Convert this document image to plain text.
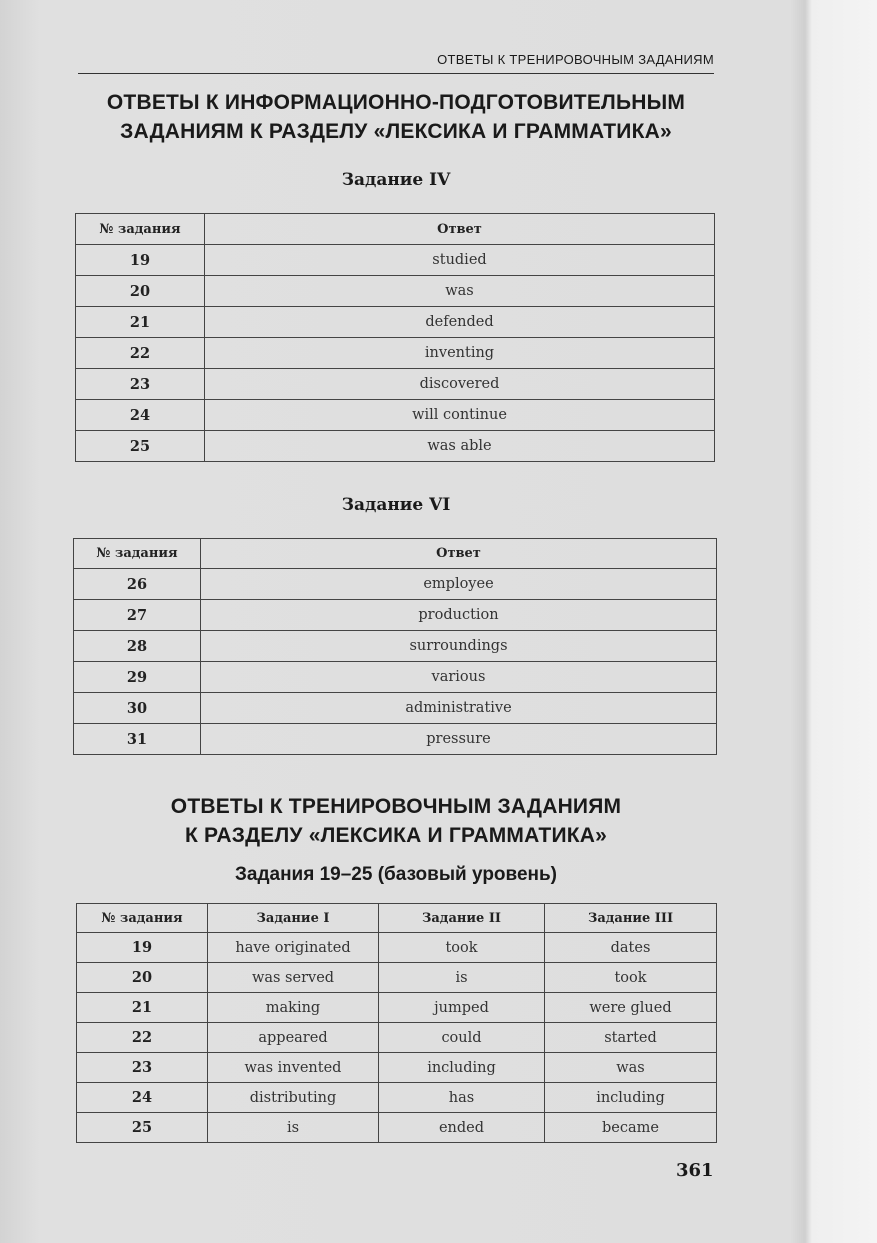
ОТВЕТЫ К ТРЕНИРОВОЧНЫМ ЗАДАНИЯМ
ОТВЕТЫ К ИНФОРМАЦИОННО-ПОДГОТОВИТЕЛЬНЫМ
ЗАДАНИЯМ К РАЗДЕЛУ «ЛЕКСИКА И ГРАММАТИКА»
Задание IV
№ задания	Ответ
19	studied
20	was
21	defended
22	inventing
23	discovered
24	will continue
25	was able
Задание VI
№ задания	Ответ
26	employee
27	production
28	surroundings
29	various
30	administrative
31	pressure
ОТВЕТЫ К ТРЕНИРОВОЧНЫМ ЗАДАНИЯМ
К РАЗДЕЛУ «ЛЕКСИКА И ГРАММАТИКА»
Задания 19–25 (базовый уровень)
№ задания	Задание I	Задание II	Задание III
19	have originated	took	dates
20	was served	is	took
21	making	jumped	were glued
22	appeared	could	started
23	was invented	including	was
24	distributing	has	including
25	is	ended	became
361
